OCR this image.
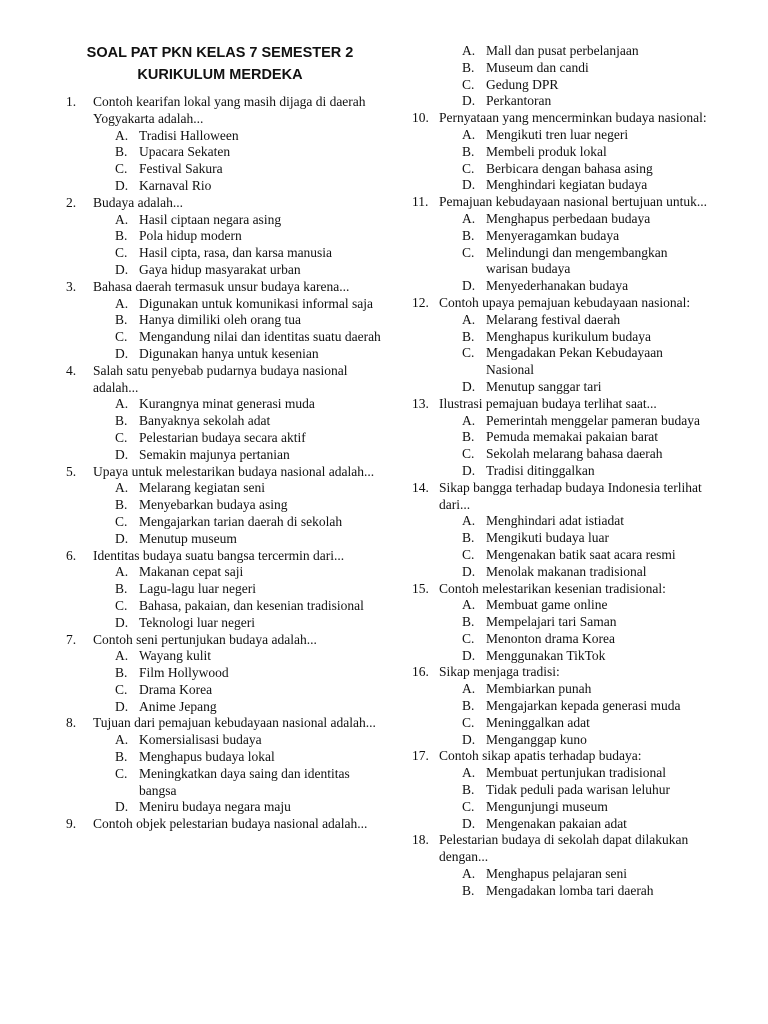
SOAL PAT PKN KELAS 7 SEMESTER 2
KURIKULUM MERDEKA
1.	Contoh kearifan lokal yang masih dijaga di daerah Yogyakarta adalah...
A. Tradisi Halloween
B. Upacara Sekaten
C. Festival Sakura
D. Karnaval Rio
2.	Budaya adalah...
A. Hasil ciptaan negara asing
B. Pola hidup modern
C. Hasil cipta, rasa, dan karsa manusia
D. Gaya hidup masyarakat urban
3.	Bahasa daerah termasuk unsur budaya karena...
A. Digunakan untuk komunikasi informal saja
B. Hanya dimiliki oleh orang tua
C. Mengandung nilai dan identitas suatu daerah
D. Digunakan hanya untuk kesenian
4.	Salah satu penyebab pudarnya budaya nasional adalah...
A. Kurangnya minat generasi muda
B. Banyaknya sekolah adat
C. Pelestarian budaya secara aktif
D. Semakin majunya pertanian
5.	Upaya untuk melestarikan budaya nasional adalah...
A. Melarang kegiatan seni
B. Menyebarkan budaya asing
C. Mengajarkan tarian daerah di sekolah
D. Menutup museum
6.	Identitas budaya suatu bangsa tercermin dari...
A. Makanan cepat saji
B. Lagu-lagu luar negeri
C. Bahasa, pakaian, dan kesenian tradisional
D. Teknologi luar negeri
7.	Contoh seni pertunjukan budaya adalah...
A. Wayang kulit
B. Film Hollywood
C. Drama Korea
D. Anime Jepang
8.	Tujuan dari pemajuan kebudayaan nasional adalah...
A. Komersialisasi budaya
B. Menghapus budaya lokal
C. Meningkatkan daya saing dan identitas bangsa
D. Meniru budaya negara maju
9.	Contoh objek pelestarian budaya nasional adalah...
A. Mall dan pusat perbelanjaan
B. Museum dan candi
C. Gedung DPR
D. Perkantoran
10. Pernyataan yang mencerminkan budaya nasional:
A. Mengikuti tren luar negeri
B. Membeli produk lokal
C. Berbicara dengan bahasa asing
D. Menghindari kegiatan budaya
11. Pemajuan kebudayaan nasional bertujuan untuk...
A. Menghapus perbedaan budaya
B. Menyeragamkan budaya
C. Melindungi dan mengembangkan warisan budaya
D. Menyederhanakan budaya
12. Contoh upaya pemajuan kebudayaan nasional:
A. Melarang festival daerah
B. Menghapus kurikulum budaya
C. Mengadakan Pekan Kebudayaan Nasional
D. Menutup sanggar tari
13. Ilustrasi pemajuan budaya terlihat saat...
A. Pemerintah menggelar pameran budaya
B. Pemuda memakai pakaian barat
C. Sekolah melarang bahasa daerah
D. Tradisi ditinggalkan
14. Sikap bangga terhadap budaya Indonesia terlihat dari...
A. Menghindari adat istiadat
B. Mengikuti budaya luar
C. Mengenakan batik saat acara resmi
D. Menolak makanan tradisional
15. Contoh melestarikan kesenian tradisional:
A. Membuat game online
B. Mempelajari tari Saman
C. Menonton drama Korea
D. Menggunakan TikTok
16. Sikap menjaga tradisi:
A. Membiarkan punah
B. Mengajarkan kepada generasi muda
C. Meninggalkan adat
D. Menganggap kuno
17. Contoh sikap apatis terhadap budaya:
A. Membuat pertunjukan tradisional
B. Tidak peduli pada warisan leluhur
C. Mengunjungi museum
D. Mengenakan pakaian adat
18. Pelestarian budaya di sekolah dapat dilakukan dengan...
A. Menghapus pelajaran seni
B. Mengadakan lomba tari daerah
